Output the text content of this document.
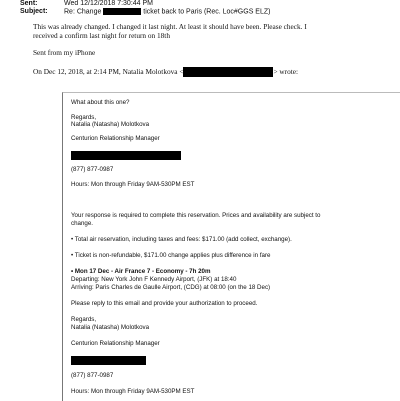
Sent:	Wed 12/12/2018 7:30:44 PM
Subject: Re: Change	ticket back to Paris (Rec. Loc#GGS ELZ)
This was already changed. I changed it last night. At least it should have been. Please check. I
received a confirm last night for return on 18th
Sent from my iPhone
On Dec 12, 2018, at 2:14 PM, Natalia Molotkova <	> wrote:
What about this one?
Regards,
Natalia (Natasha) Molotkova
Centurion Relationship Manager
(877) 877-0987
Hours: Mon through Friday 9AM-530PM EST
Your response is required to complete this reservation. Prices and availability are subject to
change.
• Total air reservation, including taxes and fees: $171.00 (add collect, exchange).
• Ticket is non-refundable, $171.00 change applies plus difference in fare
• Mon 17 Dec - Air France 7 - Economy - 7h 20m
Departing: New York John F Kennedy Airport, (JFK) at 18:40
Arriving: Paris Charles de Gaulle Airport, (CDG) at 08:00 (on the 18 Dec)
Please reply to this email and provide your authorization to proceed.
Regards,
Natalia (Natasha) Molotkova
Centurion Relationship Manager
(877) 877-0987
Hours: Mon through Friday 9AM-530PM EST
